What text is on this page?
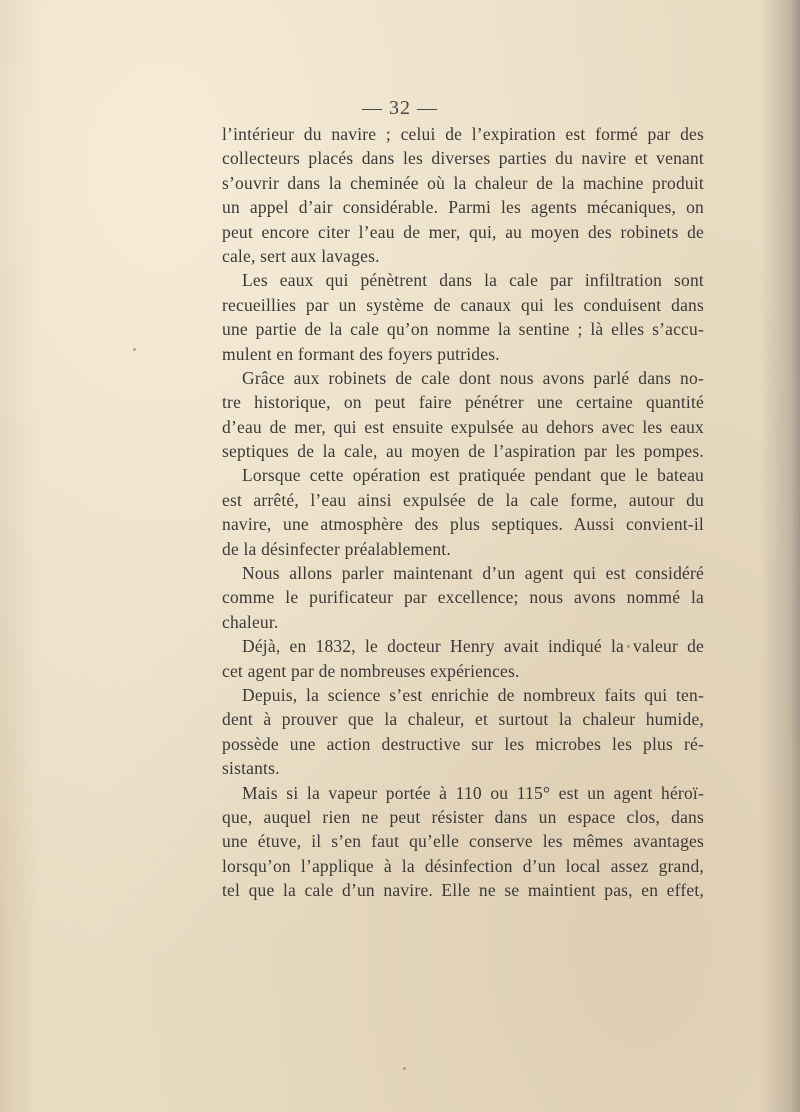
— 32 —
l’intérieur du navire ; celui de l’expiration est formé par des
collecteurs placés dans les diverses parties du navire et venant
s’ouvrir dans la cheminée où la chaleur de la machine produit
un appel d’air considérable. Parmi les agents mécaniques, on
peut encore citer l’eau de mer, qui, au moyen des robinets de
cale, sert aux lavages.
Les eaux qui pénètrent dans la cale par infiltration sont
recueillies par un système de canaux qui les conduisent dans
une partie de la cale qu’on nomme la sentine ; là elles s’accu-
mulent en formant des foyers putrides.
Grâce aux robinets de cale dont nous avons parlé dans no-
tre historique, on peut faire pénétrer une certaine quantité
d’eau de mer, qui est ensuite expulsée au dehors avec les eaux
septiques de la cale, au moyen de l’aspiration par les pompes.
Lorsque cette opération est pratiquée pendant que le bateau
est arrêté, l’eau ainsi expulsée de la cale forme, autour du
navire, une atmosphère des plus septiques. Aussi convient-il
de la désinfecter préalablement.
Nous allons parler maintenant d’un agent qui est considéré
comme le purificateur par excellence; nous avons nommé la
chaleur.
Déjà, en 1832, le docteur Henry avait indiqué la valeur de
cet agent par de nombreuses expériences.
Depuis, la science s’est enrichie de nombreux faits qui ten-
dent à prouver que la chaleur, et surtout la chaleur humide,
possède une action destructive sur les microbes les plus ré-
sistants.
Mais si la vapeur portée à 110 ou 115° est un agent héroï-
que, auquel rien ne peut résister dans un espace clos, dans
une étuve, il s’en faut qu’elle conserve les mêmes avantages
lorsqu’on l’applique à la désinfection d’un local assez grand,
tel que la cale d’un navire. Elle ne se maintient pas, en effet,
